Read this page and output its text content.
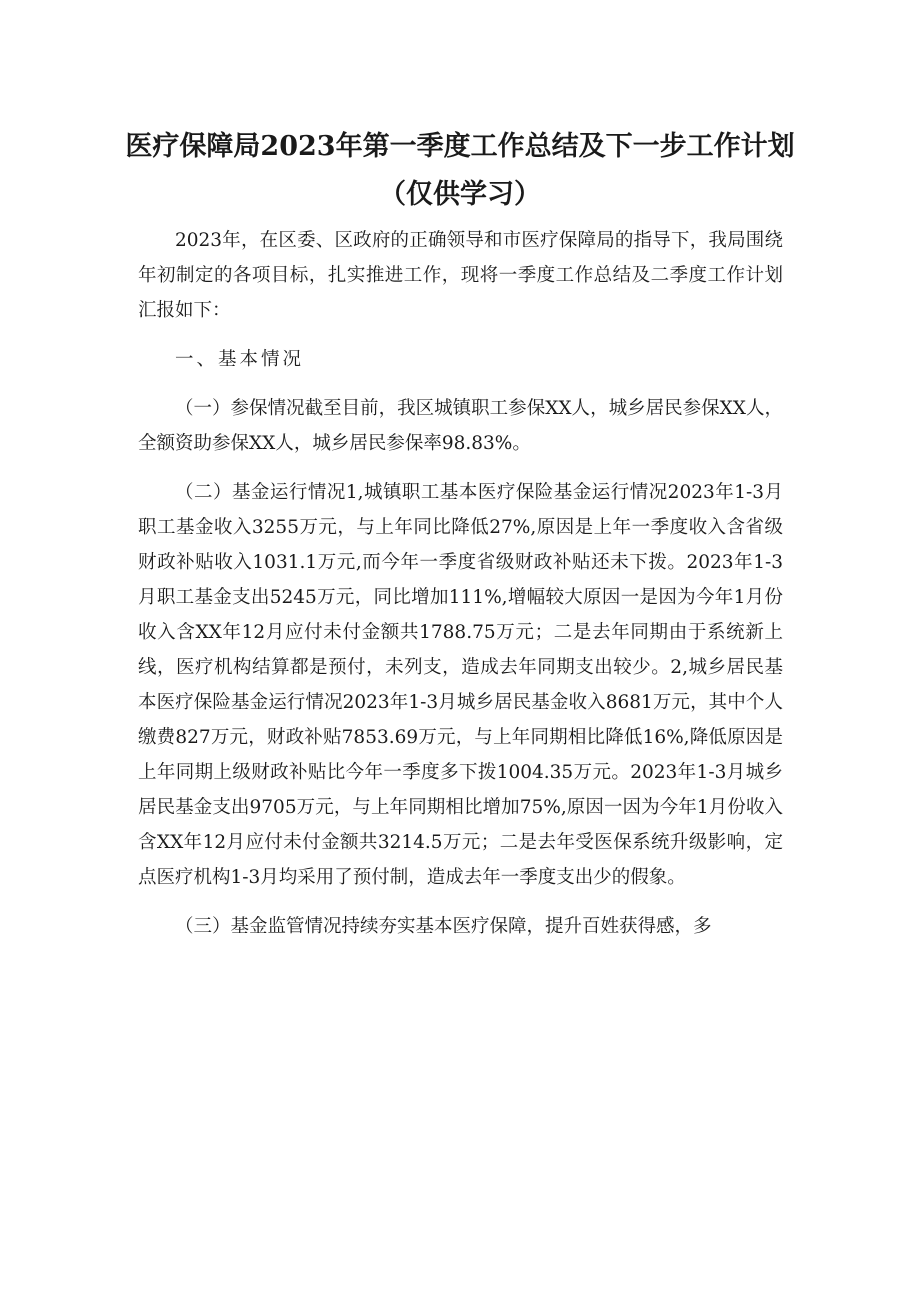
医疗保障局2023年第一季度工作总结及下一步工作计划
（仅供学习）

2023年，在区委、区政府的正确领导和市医疗保障局的指导下，我局围绕年初制定的各项目标，扎实推进工作，现将一季度工作总结及二季度工作计划汇报如下：

一、基本情况

（一）参保情况截至目前，我区城镇职工参保XX人，城乡居民参保XX人，全额资助参保XX人，城乡居民参保率98.83%。

（二）基金运行情况1,城镇职工基本医疗保险基金运行情况2023年1-3月职工基金收入3255万元，与上年同比降低27%,原因是上年一季度收入含省级财政补贴收入1031.1万元,而今年一季度省级财政补贴还未下拨。2023年1-3月职工基金支出5245万元，同比增加111%,增幅较大原因一是因为今年1月份收入含XX年12月应付未付金额共1788.75万元；二是去年同期由于系统新上线，医疗机构结算都是预付，未列支，造成去年同期支出较少。2,城乡居民基本医疗保险基金运行情况2023年1-3月城乡居民基金收入8681万元，其中个人缴费827万元，财政补贴7853.69万元，与上年同期相比降低16%,降低原因是上年同期上级财政补贴比今年一季度多下拨1004.35万元。2023年1-3月城乡居民基金支出9705万元，与上年同期相比增加75%,原因一因为今年1月份收入含XX年12月应付未付金额共3214.5万元；二是去年受医保系统升级影响，定点医疗机构1-3月均采用了预付制，造成去年一季度支出少的假象。

（三）基金监管情况持续夯实基本医疗保障，提升百姓获得感，多
